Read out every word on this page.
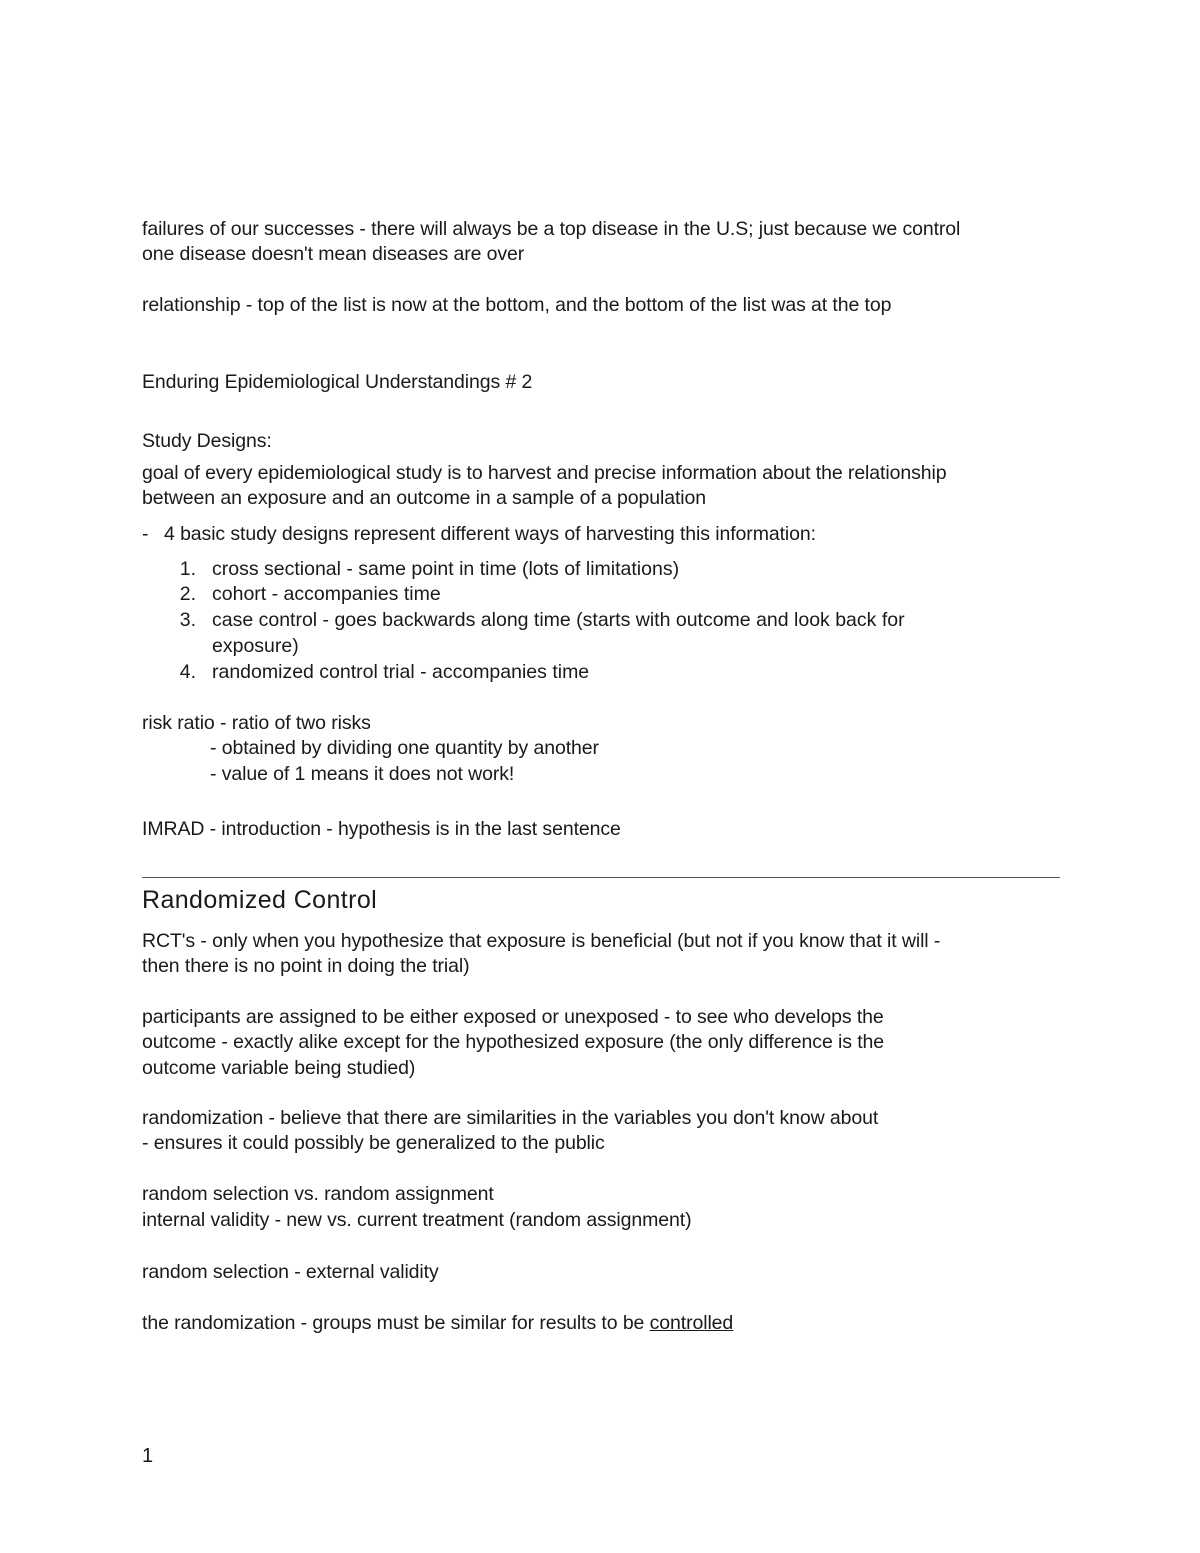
failures of our successes - there will always be a top disease in the U.S; just because we control
one disease doesn't mean diseases are over
relationship - top of the list is now at the bottom, and the bottom of the list was at the top
Enduring Epidemiological Understandings # 2
Study Designs:
goal of every epidemiological study is to harvest and precise information about the relationship
between an exposure and an outcome in a sample of a population
- 4 basic study designs represent different ways of harvesting this information:
1. cross sectional - same point in time (lots of limitations)
2. cohort - accompanies time
3. case control - goes backwards along time (starts with outcome and look back for
exposure)
4. randomized control trial - accompanies time
risk ratio - ratio of two risks
- obtained by dividing one quantity by another
- value of 1 means it does not work!
IMRAD - introduction - hypothesis is in the last sentence
Randomized Control
RCT's - only when you hypothesize that exposure is beneficial (but not if you know that it will -
then there is no point in doing the trial)
participants are assigned to be either exposed or unexposed - to see who develops the
outcome - exactly alike except for the hypothesized exposure (the only difference is the
outcome variable being studied)
randomization - believe that there are similarities in the variables you don't know about
- ensures it could possibly be generalized to the public
random selection vs. random assignment
internal validity - new vs. current treatment (random assignment)
random selection - external validity
the randomization - groups must be similar for results to be controlled
1
